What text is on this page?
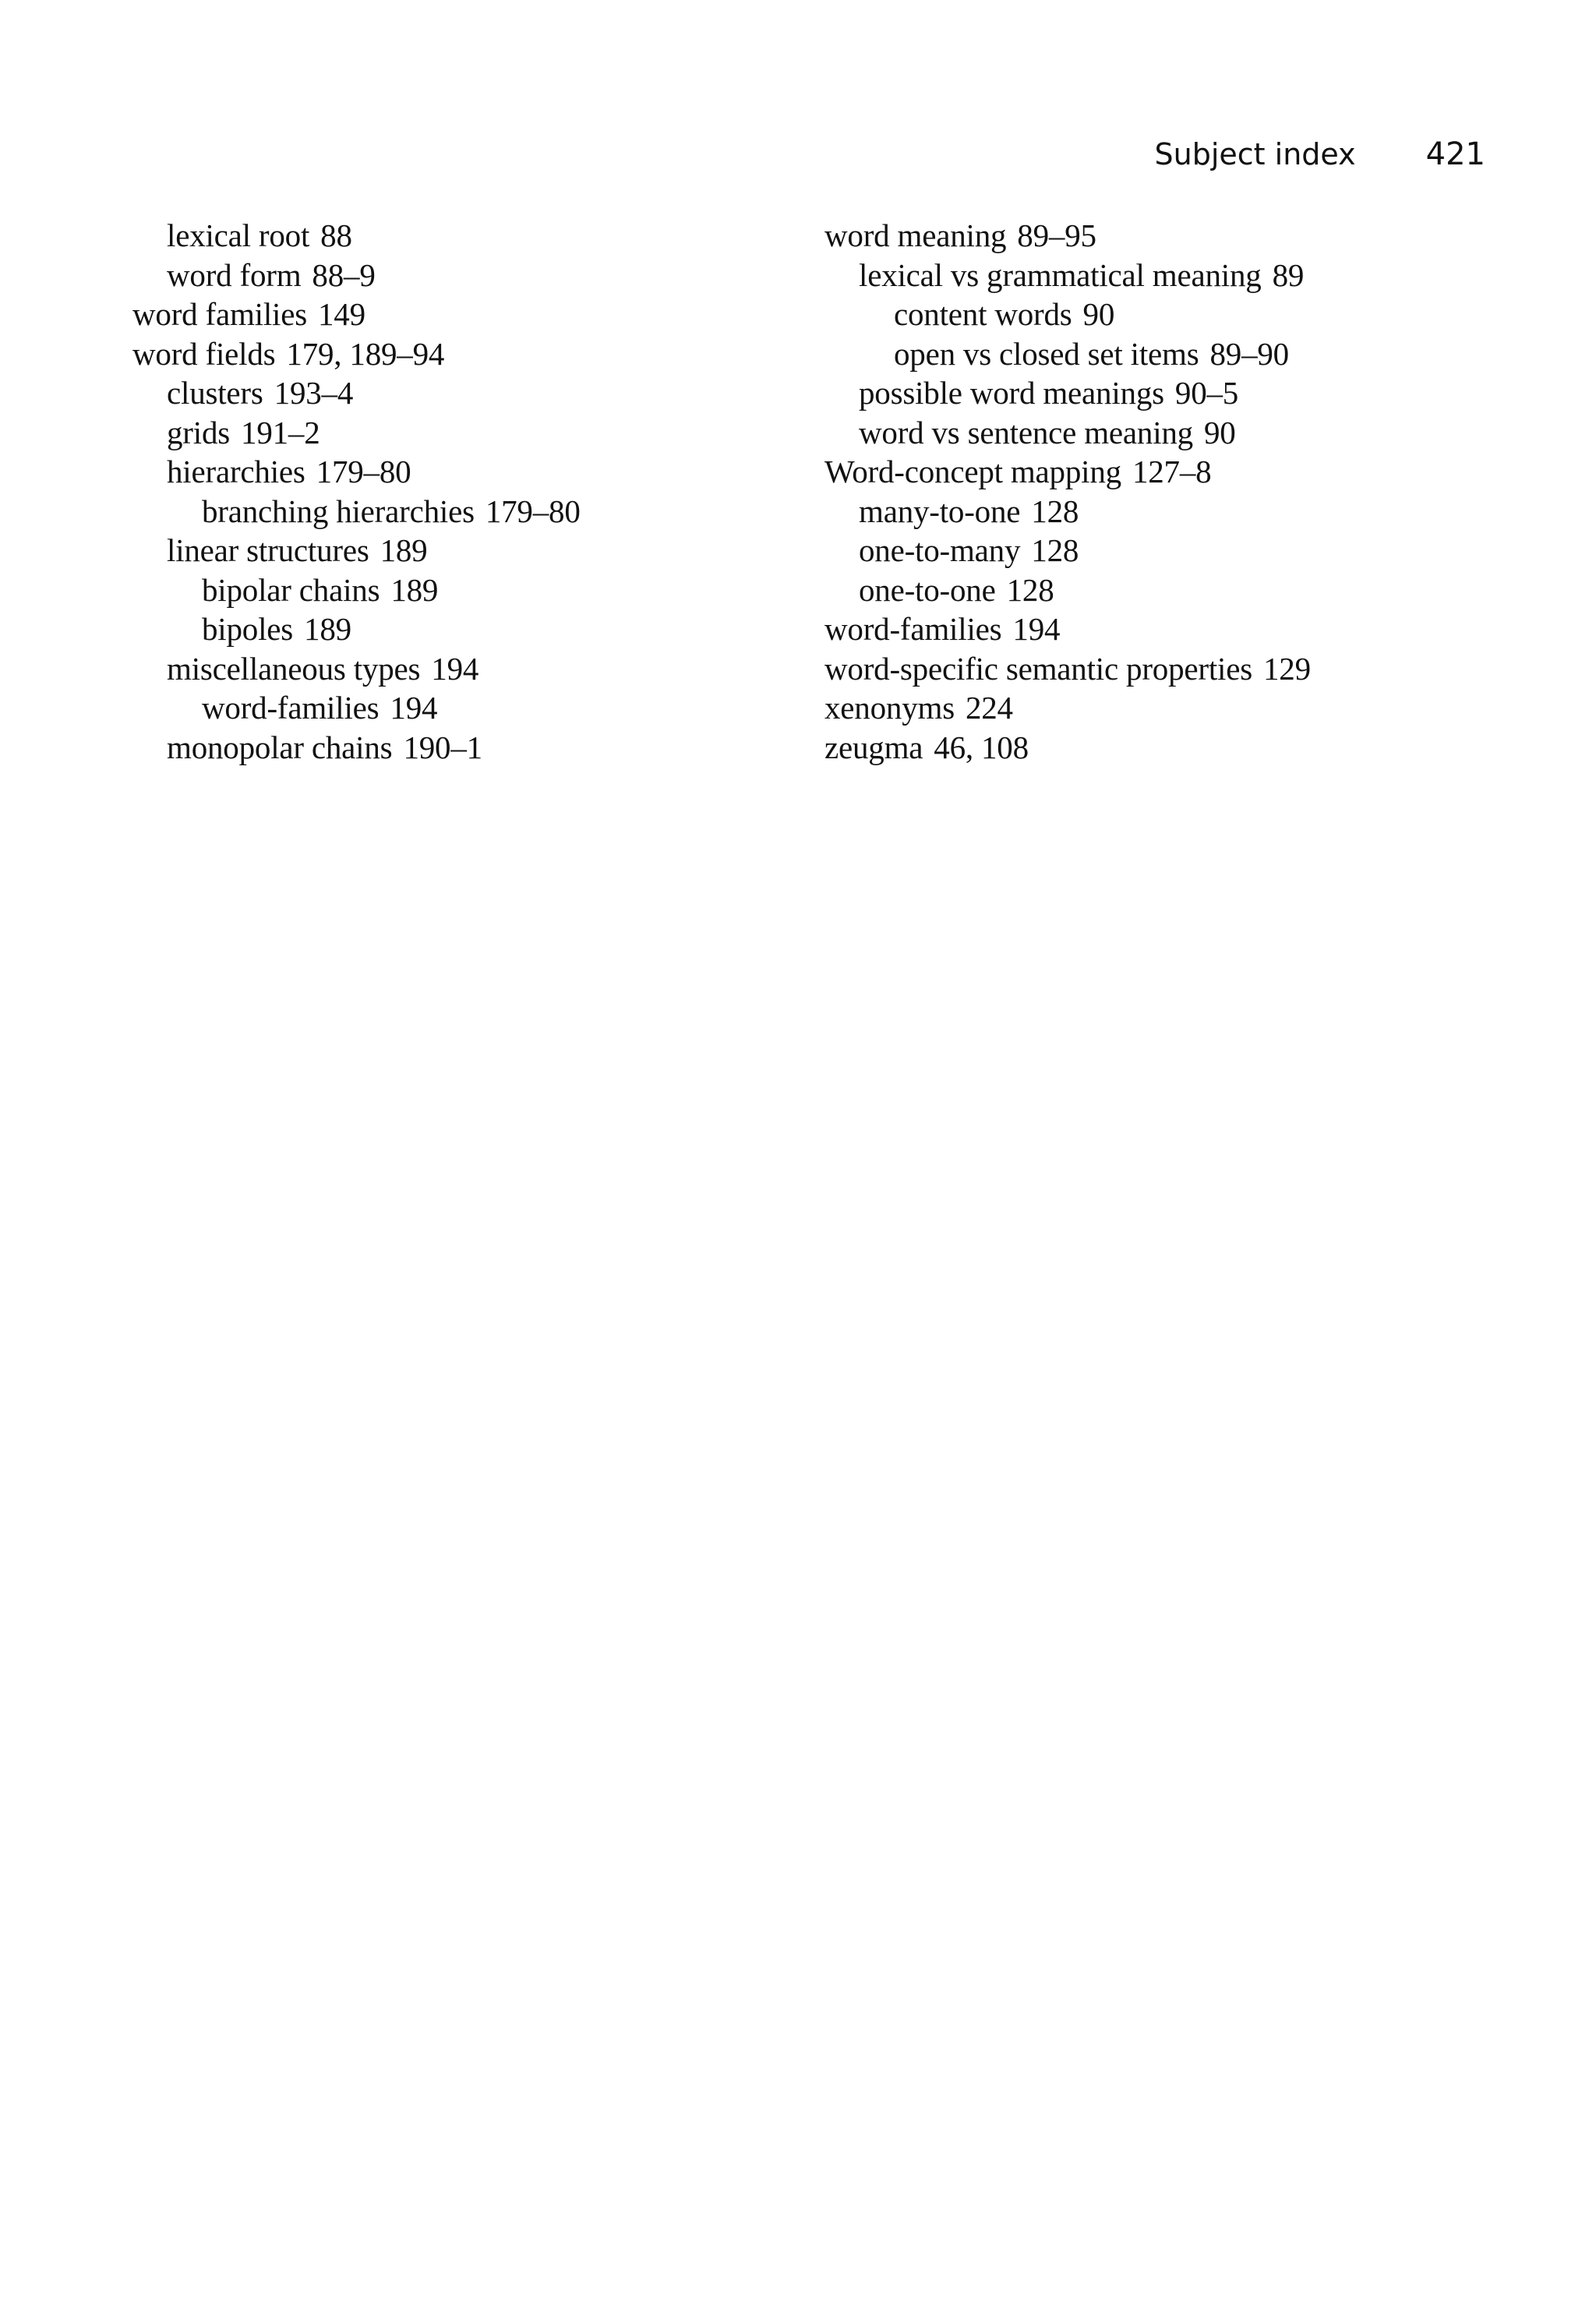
Subject index 421
lexical root 88
word form 88–9
word families 149
word fields 179, 189–94
clusters 193–4
grids 191–2
hierarchies 179–80
branching hierarchies 179–80
linear structures 189
bipolar chains 189
bipoles 189
miscellaneous types 194
word-families 194
monopolar chains 190–1
word meaning 89–95
lexical vs grammatical meaning 89
content words 90
open vs closed set items 89–90
possible word meanings 90–5
word vs sentence meaning 90
Word-concept mapping 127–8
many-to-one 128
one-to-many 128
one-to-one 128
word-families 194
word-specific semantic properties 129
xenonyms 224
zeugma 46, 108
